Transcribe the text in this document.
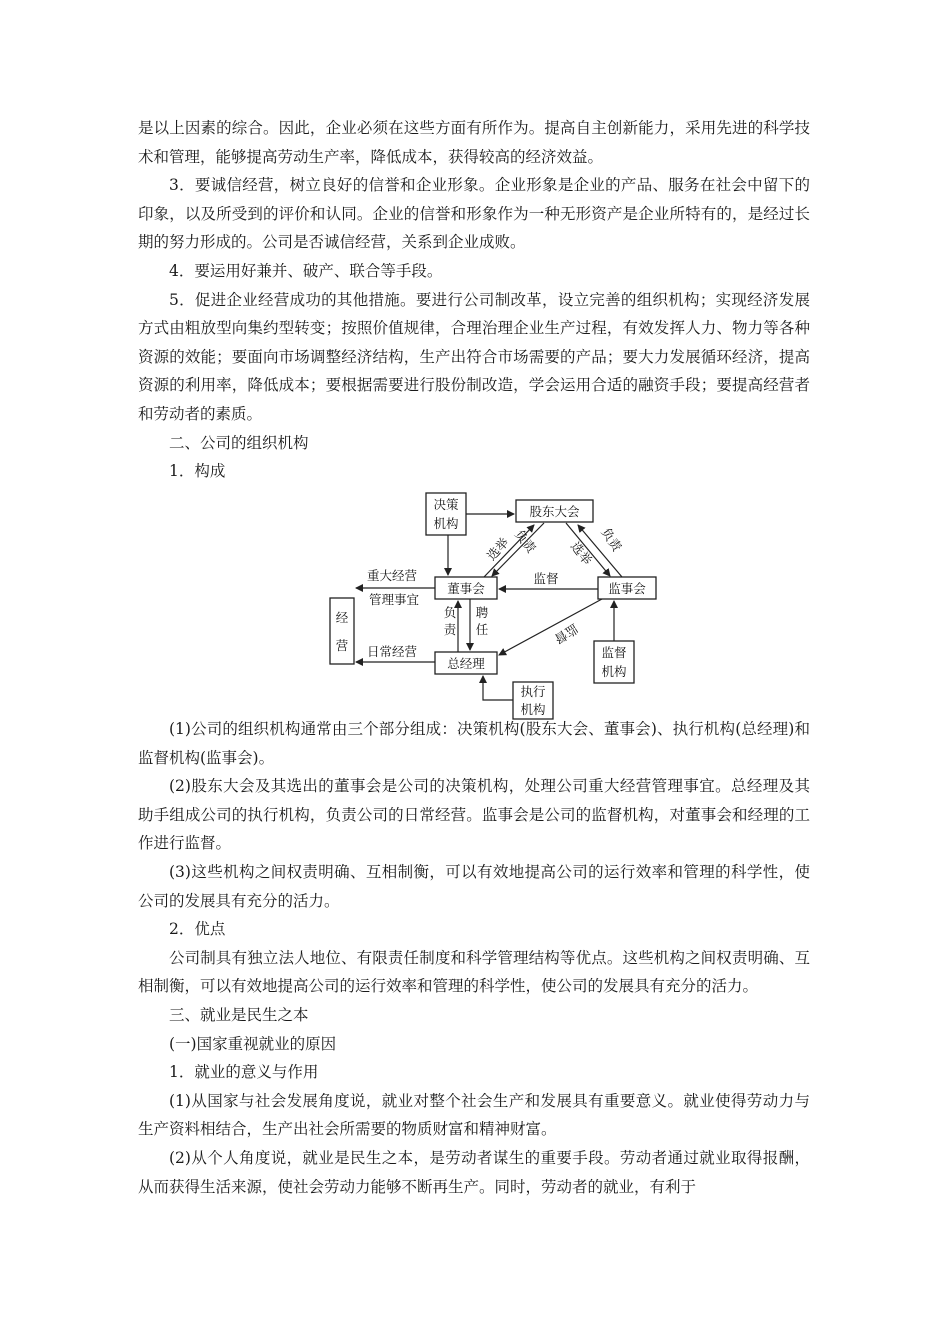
是以上因素的综合。因此，企业必须在这些方面有所作为。提高自主创新能力，采用先进的科学技术和管理，能够提高劳动生产率，降低成本，获得较高的经济效益。

3．要诚信经营，树立良好的信誉和企业形象。企业形象是企业的产品、服务在社会中留下的印象，以及所受到的评价和认同。企业的信誉和形象作为一种无形资产是企业所特有的，是经过长期的努力形成的。公司是否诚信经营，关系到企业成败。

4．要运用好兼并、破产、联合等手段。

5．促进企业经营成功的其他措施。要进行公司制改革，设立完善的组织机构；实现经济发展方式由粗放型向集约型转变；按照价值规律，合理治理企业生产过程，有效发挥人力、物力等各种资源的效能；要面向市场调整经济结构，生产出符合市场需要的产品；要大力发展循环经济，提高资源的利用率，降低成本；要根据需要进行股份制改造，学会运用合适的融资手段；要提高经营者和劳动者的素质。

二、公司的组织机构

1．构成

决策
机构
股东大会
董事会	监事会
经
营
总经理
监督
机构
执行
机构
重大经营
管理事宜
日常经营
监督
选举 负责 选举 负责
监督
负
责
聘
任

(1)公司的组织机构通常由三个部分组成：决策机构(股东大会、董事会)、执行机构(总经理)和监督机构(监事会)。

(2)股东大会及其选出的董事会是公司的决策机构，处理公司重大经营管理事宜。总经理及其助手组成公司的执行机构，负责公司的日常经营。监事会是公司的监督机构，对董事会和经理的工作进行监督。

(3)这些机构之间权责明确、互相制衡，可以有效地提高公司的运行效率和管理的科学性，使公司的发展具有充分的活力。

2．优点

公司制具有独立法人地位、有限责任制度和科学管理结构等优点。这些机构之间权责明确、互相制衡，可以有效地提高公司的运行效率和管理的科学性，使公司的发展具有充分的活力。

三、就业是民生之本

(一)国家重视就业的原因

1．就业的意义与作用

(1)从国家与社会发展角度说，就业对整个社会生产和发展具有重要意义。就业使得劳动力与生产资料相结合，生产出社会所需要的物质财富和精神财富。

(2)从个人角度说，就业是民生之本，是劳动者谋生的重要手段。劳动者通过就业取得报酬，从而获得生活来源，使社会劳动力能够不断再生产。同时，劳动者的就业，有利于
